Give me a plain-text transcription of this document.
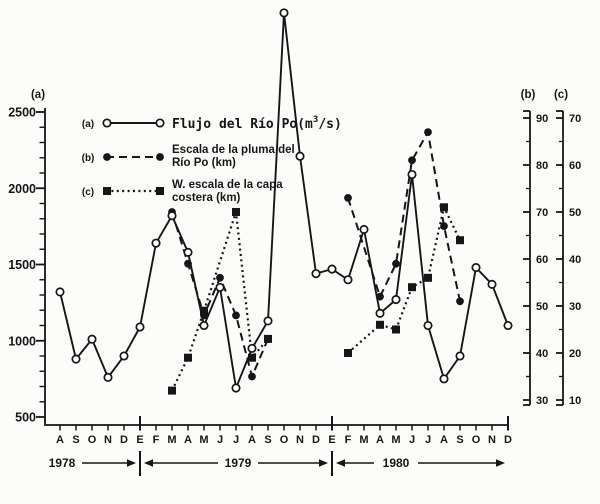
500
1000
1500
2000
2500
(a)
A S O N D E F M A M J J A S O N D E F M A M J J A S O N D
30
40
50
60
70
80
90
(b)
10
20
30
40
50
60
70
(c)
(a)	Flujo del Río $Po(m^3/s)$
(b)
Escala de la pluma del
Río Po (km)
(c)
W. escala de la capa
costera (km)
1978	1979	1980
